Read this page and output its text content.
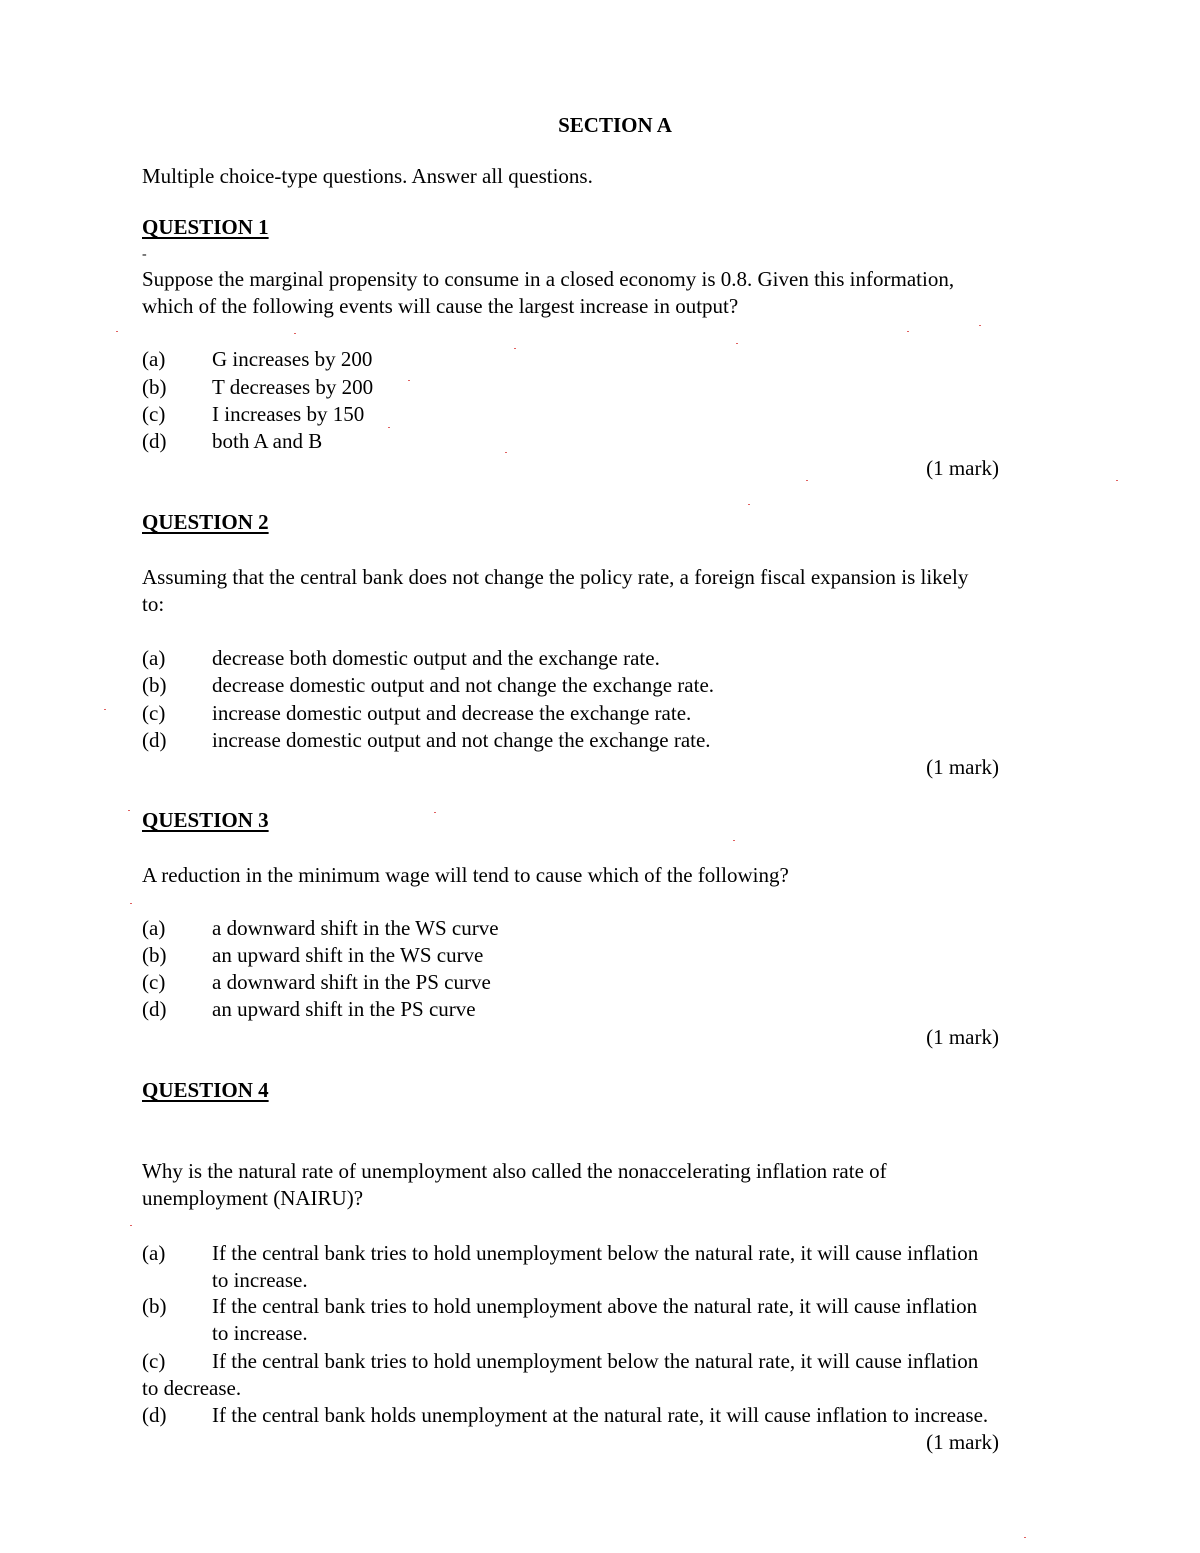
SECTION A
Multiple choice-type questions. Answer all questions.
QUESTION 1
-
Suppose the marginal propensity to consume in a closed economy is 0.8. Given this information,
which of the following events will cause the largest increase in output?
(a) G increases by 200
(b) T decreases by 200
(c) I increases by 150
(d) both A and B
(1 mark)
QUESTION 2
Assuming that the central bank does not change the policy rate, a foreign fiscal expansion is likely
to:
(a) decrease both domestic output and the exchange rate.
(b) decrease domestic output and not change the exchange rate.
(c) increase domestic output and decrease the exchange rate.
(d) increase domestic output and not change the exchange rate.
(1 mark)
QUESTION 3
A reduction in the minimum wage will tend to cause which of the following?
(a) a downward shift in the WS curve
(b) an upward shift in the WS curve
(c) a downward shift in the PS curve
(d) an upward shift in the PS curve
(1 mark)
QUESTION 4
Why is the natural rate of unemployment also called the nonaccelerating inflation rate of
unemployment (NAIRU)?
(a) If the central bank tries to hold unemployment below the natural rate, it will cause inflation
to increase.
(b) If the central bank tries to hold unemployment above the natural rate, it will cause inflation
to increase.
(c) If the central bank tries to hold unemployment below the natural rate, it will cause inflation
to decrease.
(d) If the central bank holds unemployment at the natural rate, it will cause inflation to increase.
(1 mark)
